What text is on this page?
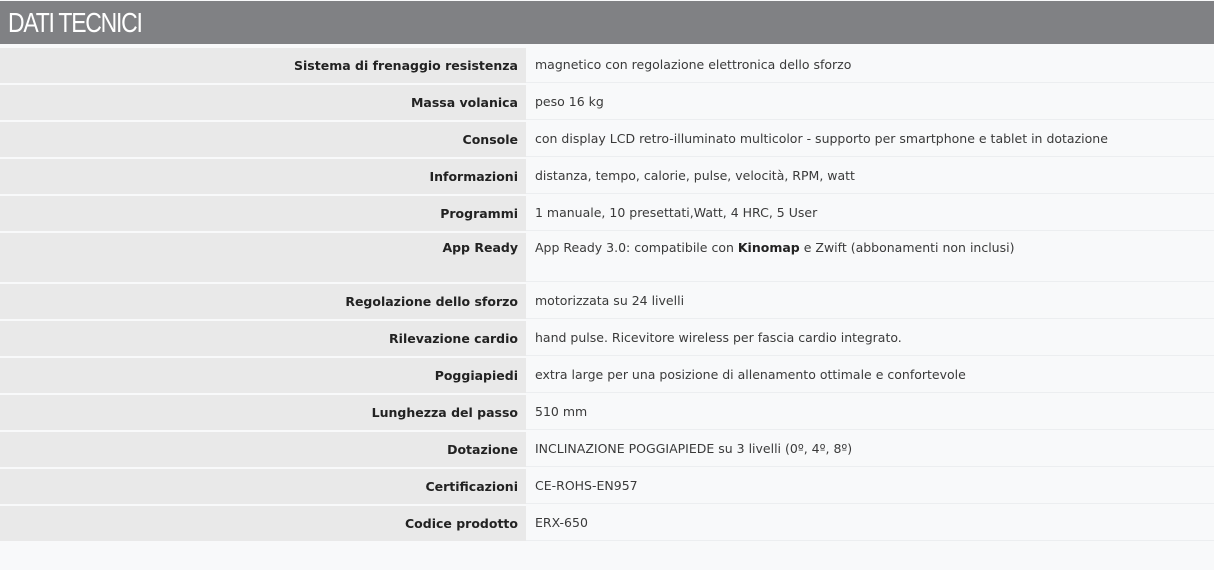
DATI TECNICI
Sistema di frenaggio resistenza	magnetico con regolazione elettronica dello sforzo
Massa volanica	peso 16 kg
Console	con display LCD retro-illuminato multicolor - supporto per smartphone e tablet in dotazione
Informazioni	distanza, tempo, calorie, pulse, velocità, RPM, watt
Programmi	1 manuale, 10 presettati,Watt, 4 HRC, 5 User
App Ready	App Ready 3.0: compatibile con Kinomap e Zwift (abbonamenti non inclusi)
Regolazione dello sforzo	motorizzata su 24 livelli
Rilevazione cardio	hand pulse. Ricevitore wireless per fascia cardio integrato.
Poggiapiedi	extra large per una posizione di allenamento ottimale e confortevole
Lunghezza del passo	510 mm
Dotazione	INCLINAZIONE POGGIAPIEDE su 3 livelli (0º, 4º, 8º)
Certificazioni	CE-ROHS-EN957
Codice prodotto	ERX-650
